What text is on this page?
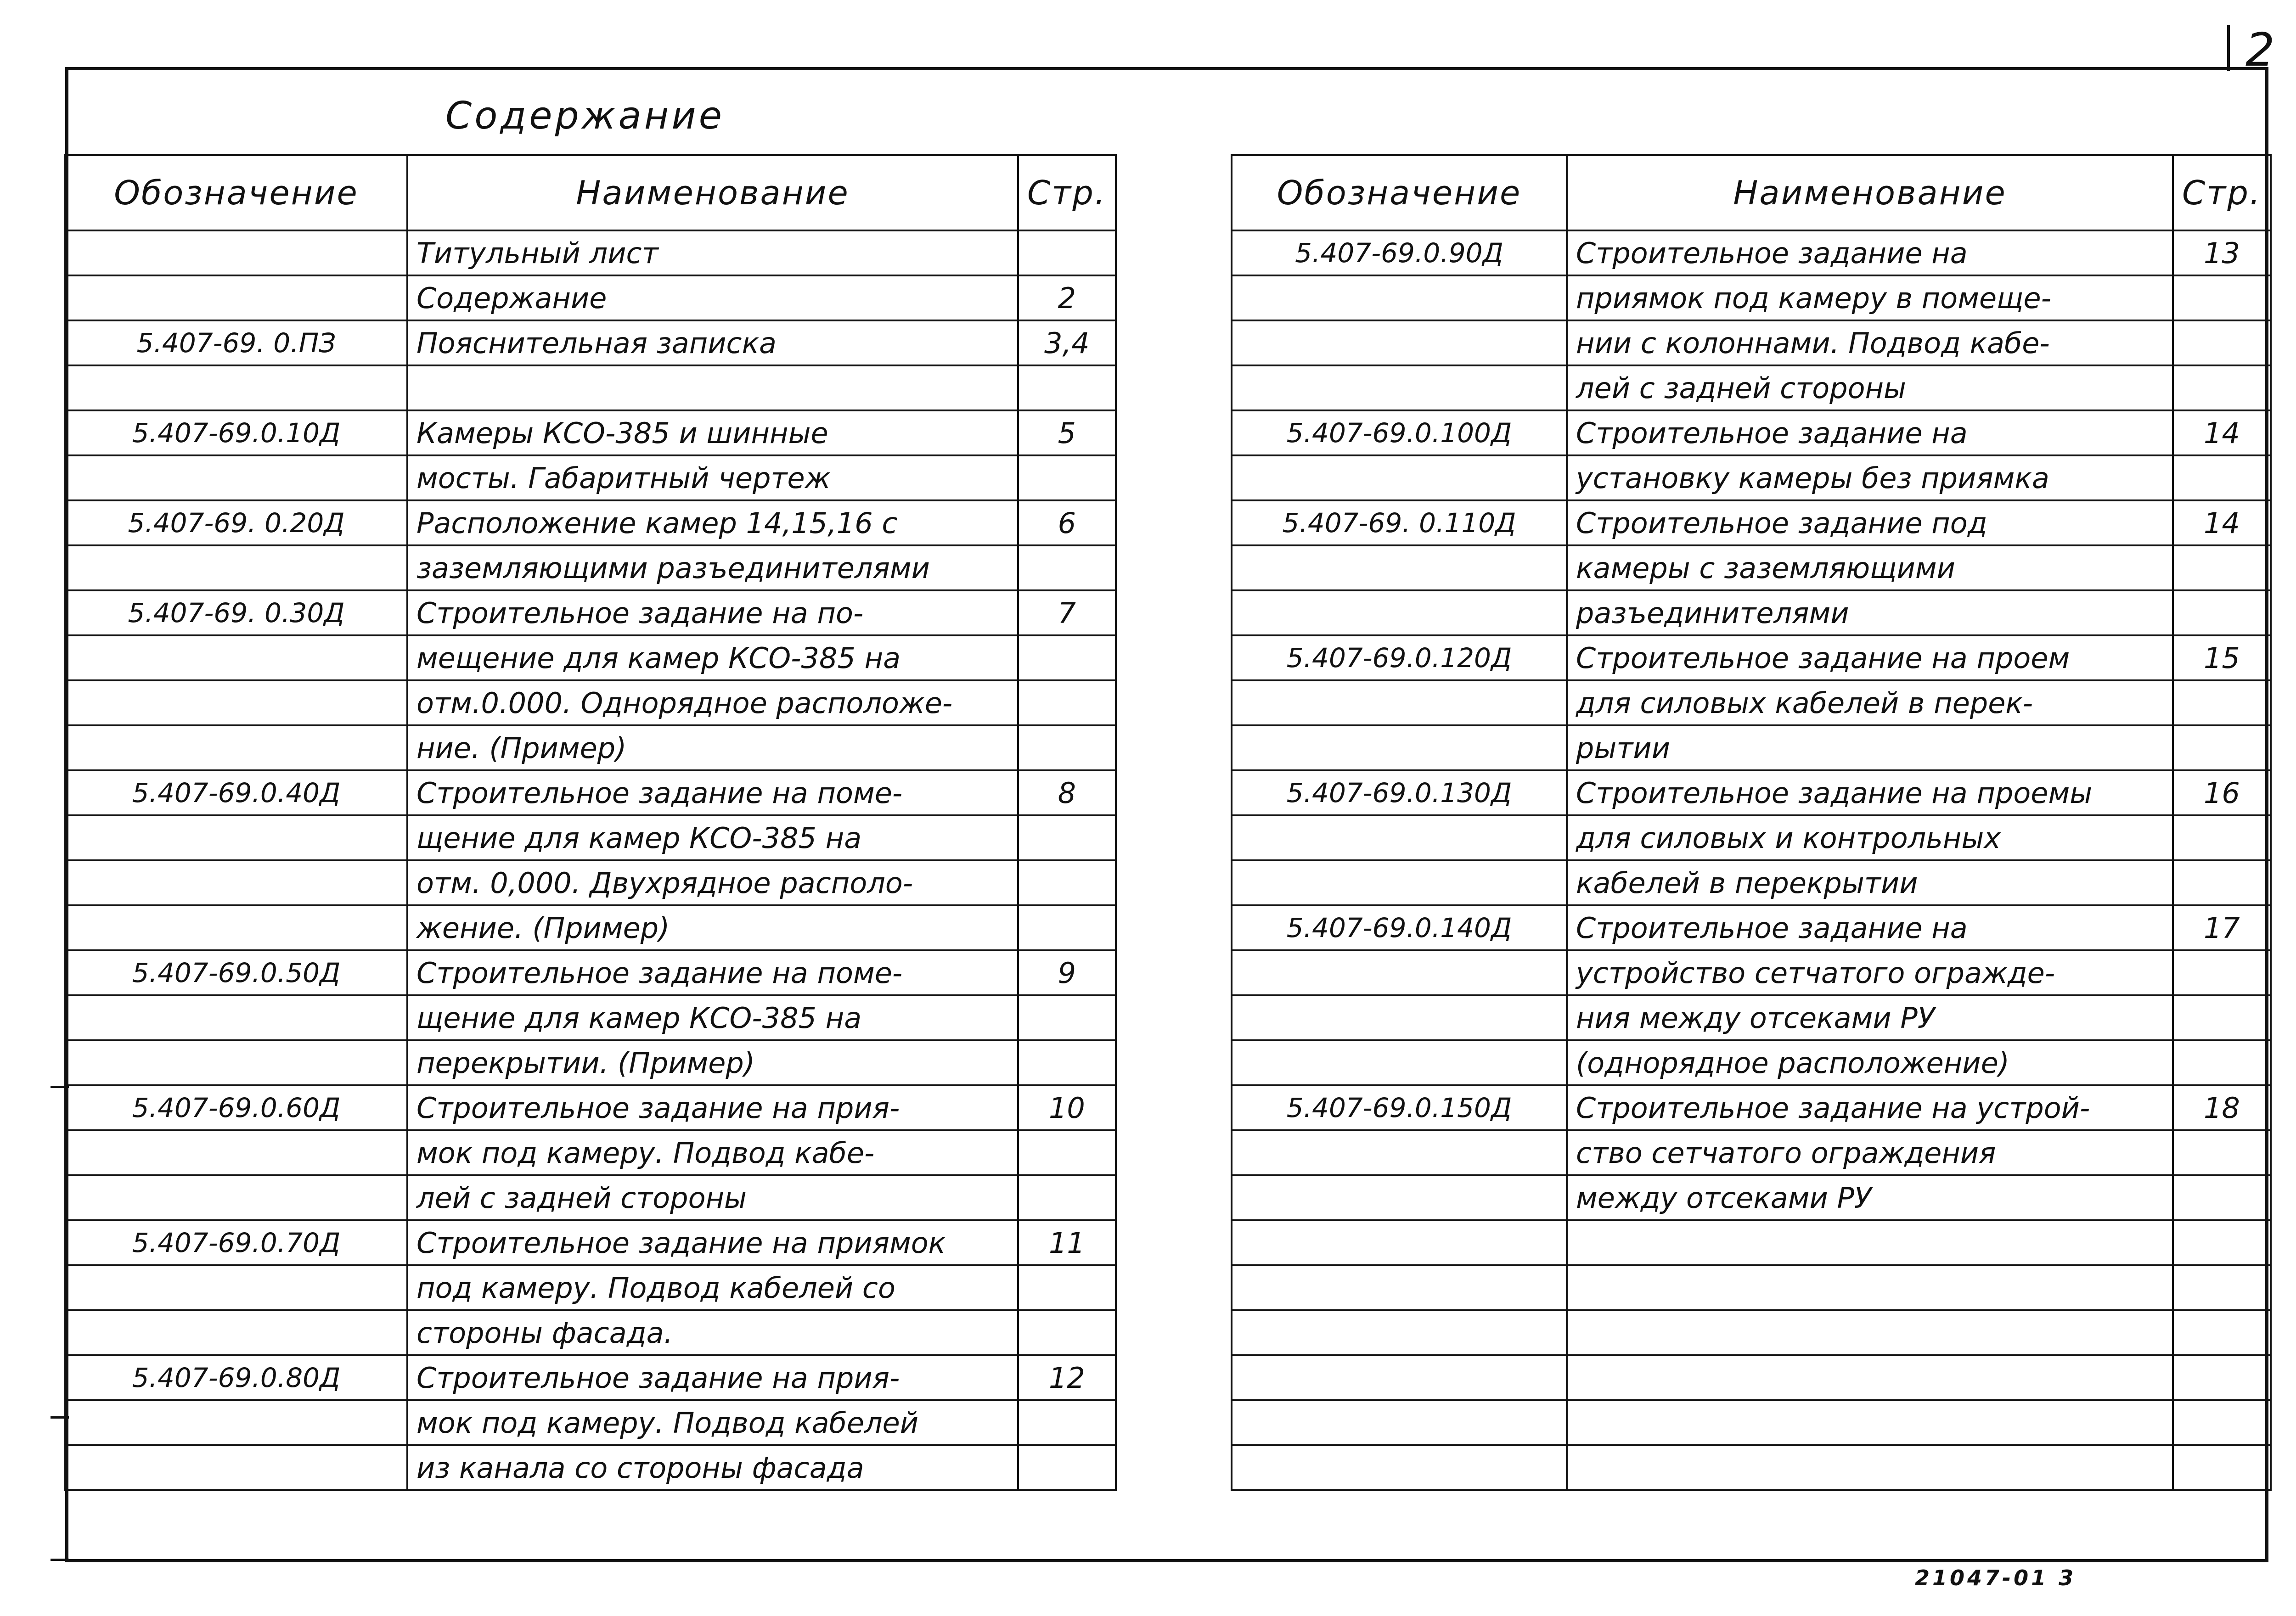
2
Содержание
Обозначение	Наименование	Стр.
	Титульный лист	
	Содержание	2
5.407-69. 0.ПЗ	Пояснительная записка	3,4

5.407-69.0.10Д	Камеры КСО-385 и шинные	5
	мосты. Габаритный чертеж	
5.407-69. 0.20Д	Расположение камер 14,15,16 с	6
	заземляющими разъединителями	
5.407-69. 0.30Д	Строительное задание на по-	7
	мещение для камер КСО-385 на	
	отм.0.000. Однорядное расположе-	
	ние. (Пример)	
5.407-69.0.40Д	Строительное задание на поме-	8
	щение для камер КСО-385 на	
	отм. 0,000. Двухрядное располо-	
	жение. (Пример)	
5.407-69.0.50Д	Строительное задание на поме-	9
	щение для камер КСО-385 на	
	перекрытии. (Пример)	
5.407-69.0.60Д	Строительное задание на прия-	10
	мок под камеру. Подвод кабе-	
	лей с задней стороны	
5.407-69.0.70Д	Строительное задание на приямок	11
	под камеру. Подвод кабелей со	
	стороны фасада.	
5.407-69.0.80Д	Строительное задание на прия-	12
	мок под камеру. Подвод кабелей	
	из канала со стороны фасада	
Обозначение	Наименование	Стр.
5.407-69.0.90Д	Строительное задание на	13
	приямок под камеру в помеще-	
	нии с колоннами. Подвод кабе-	
	лей с задней стороны	
5.407-69.0.100Д	Строительное задание на	14
	установку камеры без приямка	
5.407-69. 0.110Д	Строительное задание под	14
	камеры с заземляющими	
	разъединителями	
5.407-69.0.120Д	Строительное задание на проем	15
	для силовых кабелей в перек-	
	рытии	
5.407-69.0.130Д	Строительное задание на проемы	16
	для силовых и контрольных	
	кабелей в перекрытии	
5.407-69.0.140Д	Строительное задание на	17
	устройство сетчатого огражде-	
	ния между отсеками РУ	
	(однорядное расположение)	
5.407-69.0.150Д	Строительное задание на устрой-	18
	ство сетчатого ограждения	
	между отсеками РУ	

21047-01 3
